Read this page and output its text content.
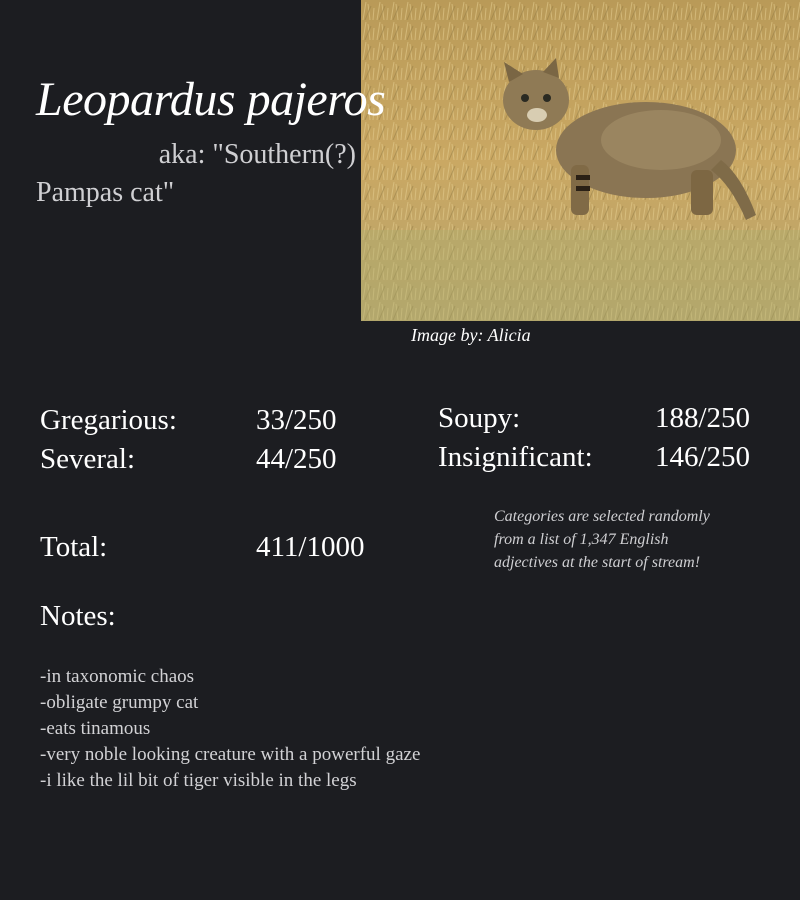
Image by: Alicia
Leopardus pajeros
aka: "Southern(?)
Pampas cat"
Gregarious:	33/250
Several:	44/250
Soupy:	188/250
Insignificant: 146/250
Total:	411/1000
Categories are selected randomly from a list of 1,347 English adjectives at the start of stream!
Notes:
-in taxonomic chaos
-obligate grumpy cat
-eats tinamous
-very noble looking creature with a powerful gaze
-i like the lil bit of tiger visible in the legs
